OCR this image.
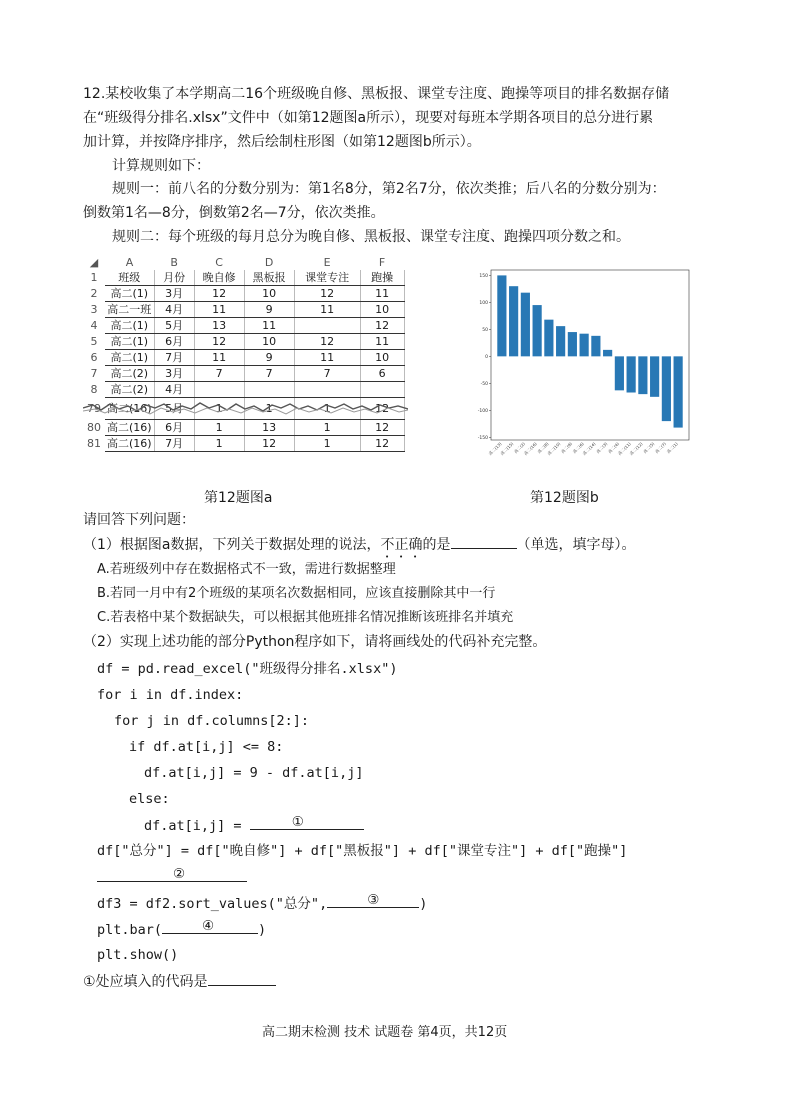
12.某校收集了本学期高二16个班级晚自修、黑板报、课堂专注度、跑操等项目的排名数据存储
在“班级得分排名.xlsx”文件中（如第12题图a所示），现要对每班本学期各项目的总分进行累
加计算，并按降序排序，然后绘制柱形图（如第12题图b所示）。
计算规则如下：
规则一：前八名的分数分别为：第1名8分，第2名7分，依次类推；后八名的分数分别为：
倒数第1名—8分，倒数第2名—7分，依次类推。
规则二：每个班级的每月总分为晚自修、黑板报、课堂专注度、跑操四项分数之和。
◢	A	B	C	D	E	F
1	班级	月份	晚自修	黑板报	课堂专注	跑操
2	高二(1)	3月	12	10	12	11
3	高二一班	4月	11	9	11	10
4	高二(1)	5月	13	11		12
5	高二(1)	6月	12	10	12	11
6	高二(1)	7月	11	9	11	10
7	高二(2)	3月	7	7	7	6
8	高二(2)	4月				
79	高二(16)	5月	1	1	1	12
80	高二(16)	6月	1	13	1	12
81	高二(16)	7月	1	12	1	12
150
100
50
0
-50
-100
-150
高二(13)
高二(15)
高二(2)
高二(16)
高二(8)
高二(10)
高二(9)
高二(6)
高二(14)
高二(3)
高二(4)
高二(11)
高二(12)
高二(5)
高二(7)
高二(1)
第12题图a	第12题图b
请回答下列问题：
（1）根据图a数据，下列关于数据处理的说法，不正确的是	（单选，填字母）。
A.若班级列中存在数据格式不一致，需进行数据整理
B.若同一月中有2个班级的某项名次数据相同，应该直接删除其中一行
C.若表格中某个数据缺失，可以根据其他班排名情况推断该班排名并填充
（2）实现上述功能的部分Python程序如下，请将画线处的代码补充完整。
df = pd.read_excel("班级得分排名.xlsx")
for i in df.index:
for j in df.columns[2:]:
if df.at[i,j] <= 8:
df.at[i,j] = 9 - df.at[i,j]
else:
df.at[i,j] =	①
df["总分"] = df["晚自修"] + df["黑板报"] + df["课堂专注"] + df["跑操"]
②
df3 = df2.sort_values("总分",	③	)
plt.bar(	④	)
plt.show()
①处应填入的代码是
高二期末检测 技术 试题卷 第4页，共12页
